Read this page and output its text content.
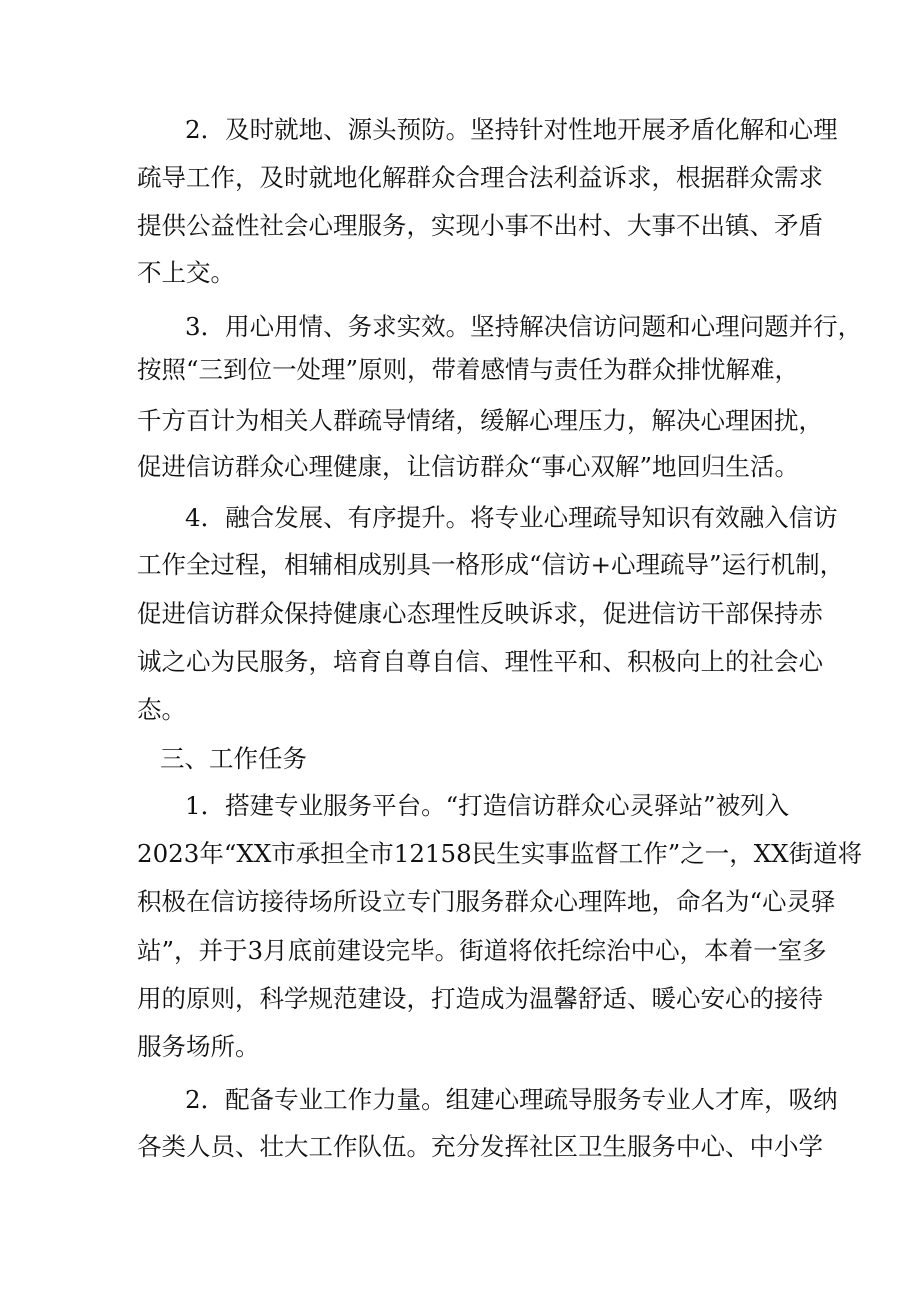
2．及时就地、源头预防。坚持针对性地开展矛盾化解和心理
疏导工作，及时就地化解群众合理合法利益诉求，根据群众需求
提供公益性社会心理服务，实现小事不出村、大事不出镇、矛盾
不上交。
3．用心用情、务求实效。坚持解决信访问题和心理问题并行，
按照“三到位一处理”原则，带着感情与责任为群众排忧解难，
千方百计为相关人群疏导情绪，缓解心理压力，解决心理困扰，
促进信访群众心理健康，让信访群众“事心双解”地回归生活。
4．融合发展、有序提升。将专业心理疏导知识有效融入信访
工作全过程，相辅相成别具一格形成“信访+心理疏导”运行机制，
促进信访群众保持健康心态理性反映诉求，促进信访干部保持赤
诚之心为民服务，培育自尊自信、理性平和、积极向上的社会心
态。
三、工作任务
1．搭建专业服务平台。“打造信访群众心灵驿站”被列入
2023年“XX市承担全市12158民生实事监督工作”之一，XX街道将
积极在信访接待场所设立专门服务群众心理阵地，命名为“心灵驿
站”，并于3月底前建设完毕。街道将依托综治中心，本着一室多
用的原则，科学规范建设，打造成为温馨舒适、暖心安心的接待
服务场所。
2．配备专业工作力量。组建心理疏导服务专业人才库，吸纳
各类人员、壮大工作队伍。充分发挥社区卫生服务中心、中小学
